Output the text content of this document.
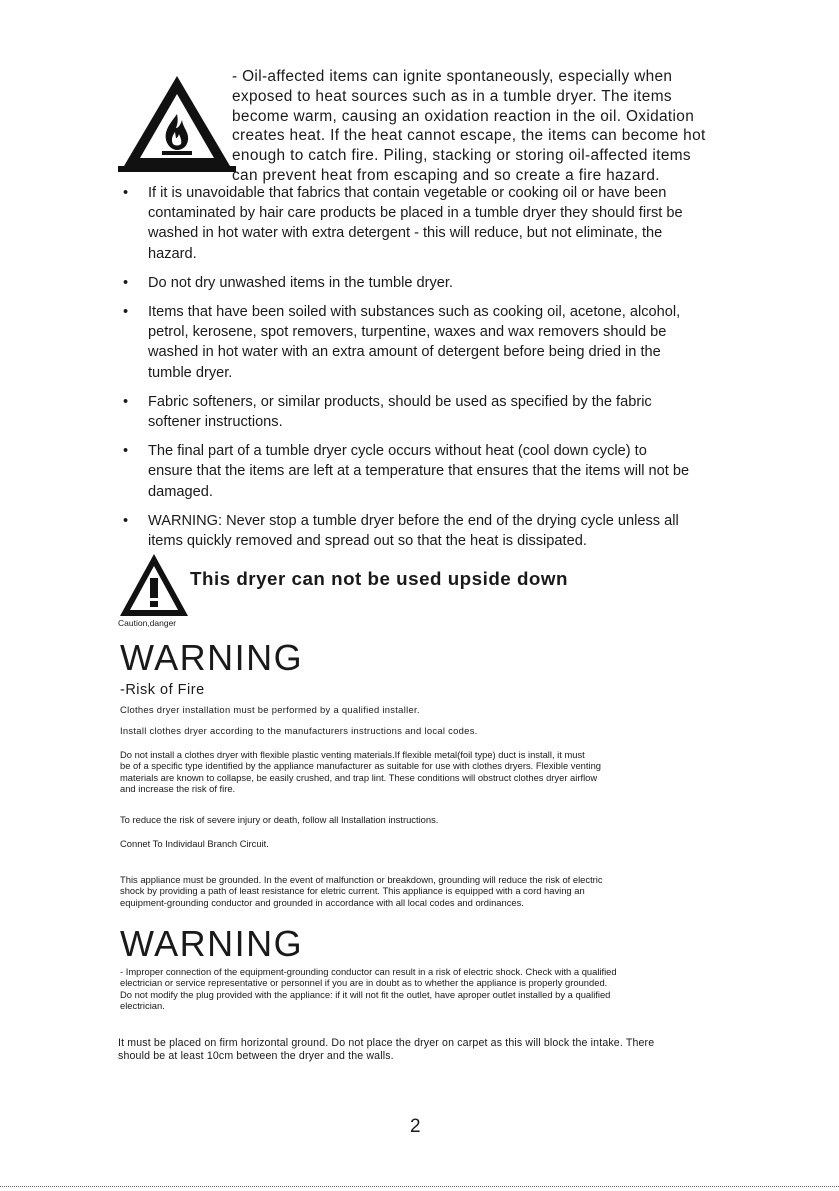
- Oil-affected items can ignite spontaneously, especially when
exposed to heat sources such as in a tumble dryer. The items
become warm, causing an oxidation reaction in the oil. Oxidation
creates heat. If the heat cannot escape, the items can become hot
enough to catch fire. Piling, stacking or storing oil-affected items
can prevent heat from escaping and so create a fire hazard.
• If it is unavoidable that fabrics that contain vegetable or cooking oil or have been
contaminated by hair care products be placed in a tumble dryer they should first be
washed in hot water with extra detergent - this will reduce, but not eliminate, the
hazard.
• Do not dry unwashed items in the tumble dryer.
• Items that have been soiled with substances such as cooking oil, acetone, alcohol,
petrol, kerosene, spot removers, turpentine, waxes and wax removers should be
washed in hot water with an extra amount of detergent before being dried in the
tumble dryer.
• Fabric softeners, or similar products, should be used as specified by the fabric
softener instructions.
• The final part of a tumble dryer cycle occurs without heat (cool down cycle) to
ensure that the items are left at a temperature that ensures that the items will not be
damaged.
• WARNING: Never stop a tumble dryer before the end of the drying cycle unless all
items quickly removed and spread out so that the heat is dissipated.
This dryer can not be used upside down
Caution,danger
WARNING
-Risk of Fire
Clothes dryer installation must be performed by a qualified installer.
Install clothes dryer according to the manufacturers instructions and local codes.
Do not install a clothes dryer with flexible plastic venting materials.If flexible metal(foil type) duct is install, it must
be of a specific type identified by the appliance manufacturer as suitable for use with clothes dryers. Flexible venting
materials are known to collapse, be easily crushed, and trap lint. These conditions will obstruct clothes dryer airflow
and increase the risk of fire.
To reduce the risk of severe injury or death, follow all Installation instructions.
Connet To Individaul Branch Circuit.
This appliance must be grounded. In the event of malfunction or breakdown, grounding will reduce the risk of electric
shock by providing a path of least resistance for eletric current. This appliance is equipped with a cord having an
equipment-grounding conductor and grounded in accordance with all local codes and ordinances.
WARNING
- Improper connection of the equipment-grounding conductor can result in a risk of electric shock. Check with a qualified
electrician or service representative or personnel if you are in doubt as to whether the appliance is properly grounded.
Do not modify the plug provided with the appliance: if it will not fit the outlet, have aproper outlet installed by a qualified
electrician.
It must be placed on firm horizontal ground. Do not place the dryer on carpet as this will block the intake. There
should be at least 10cm between the dryer and the walls.
2
